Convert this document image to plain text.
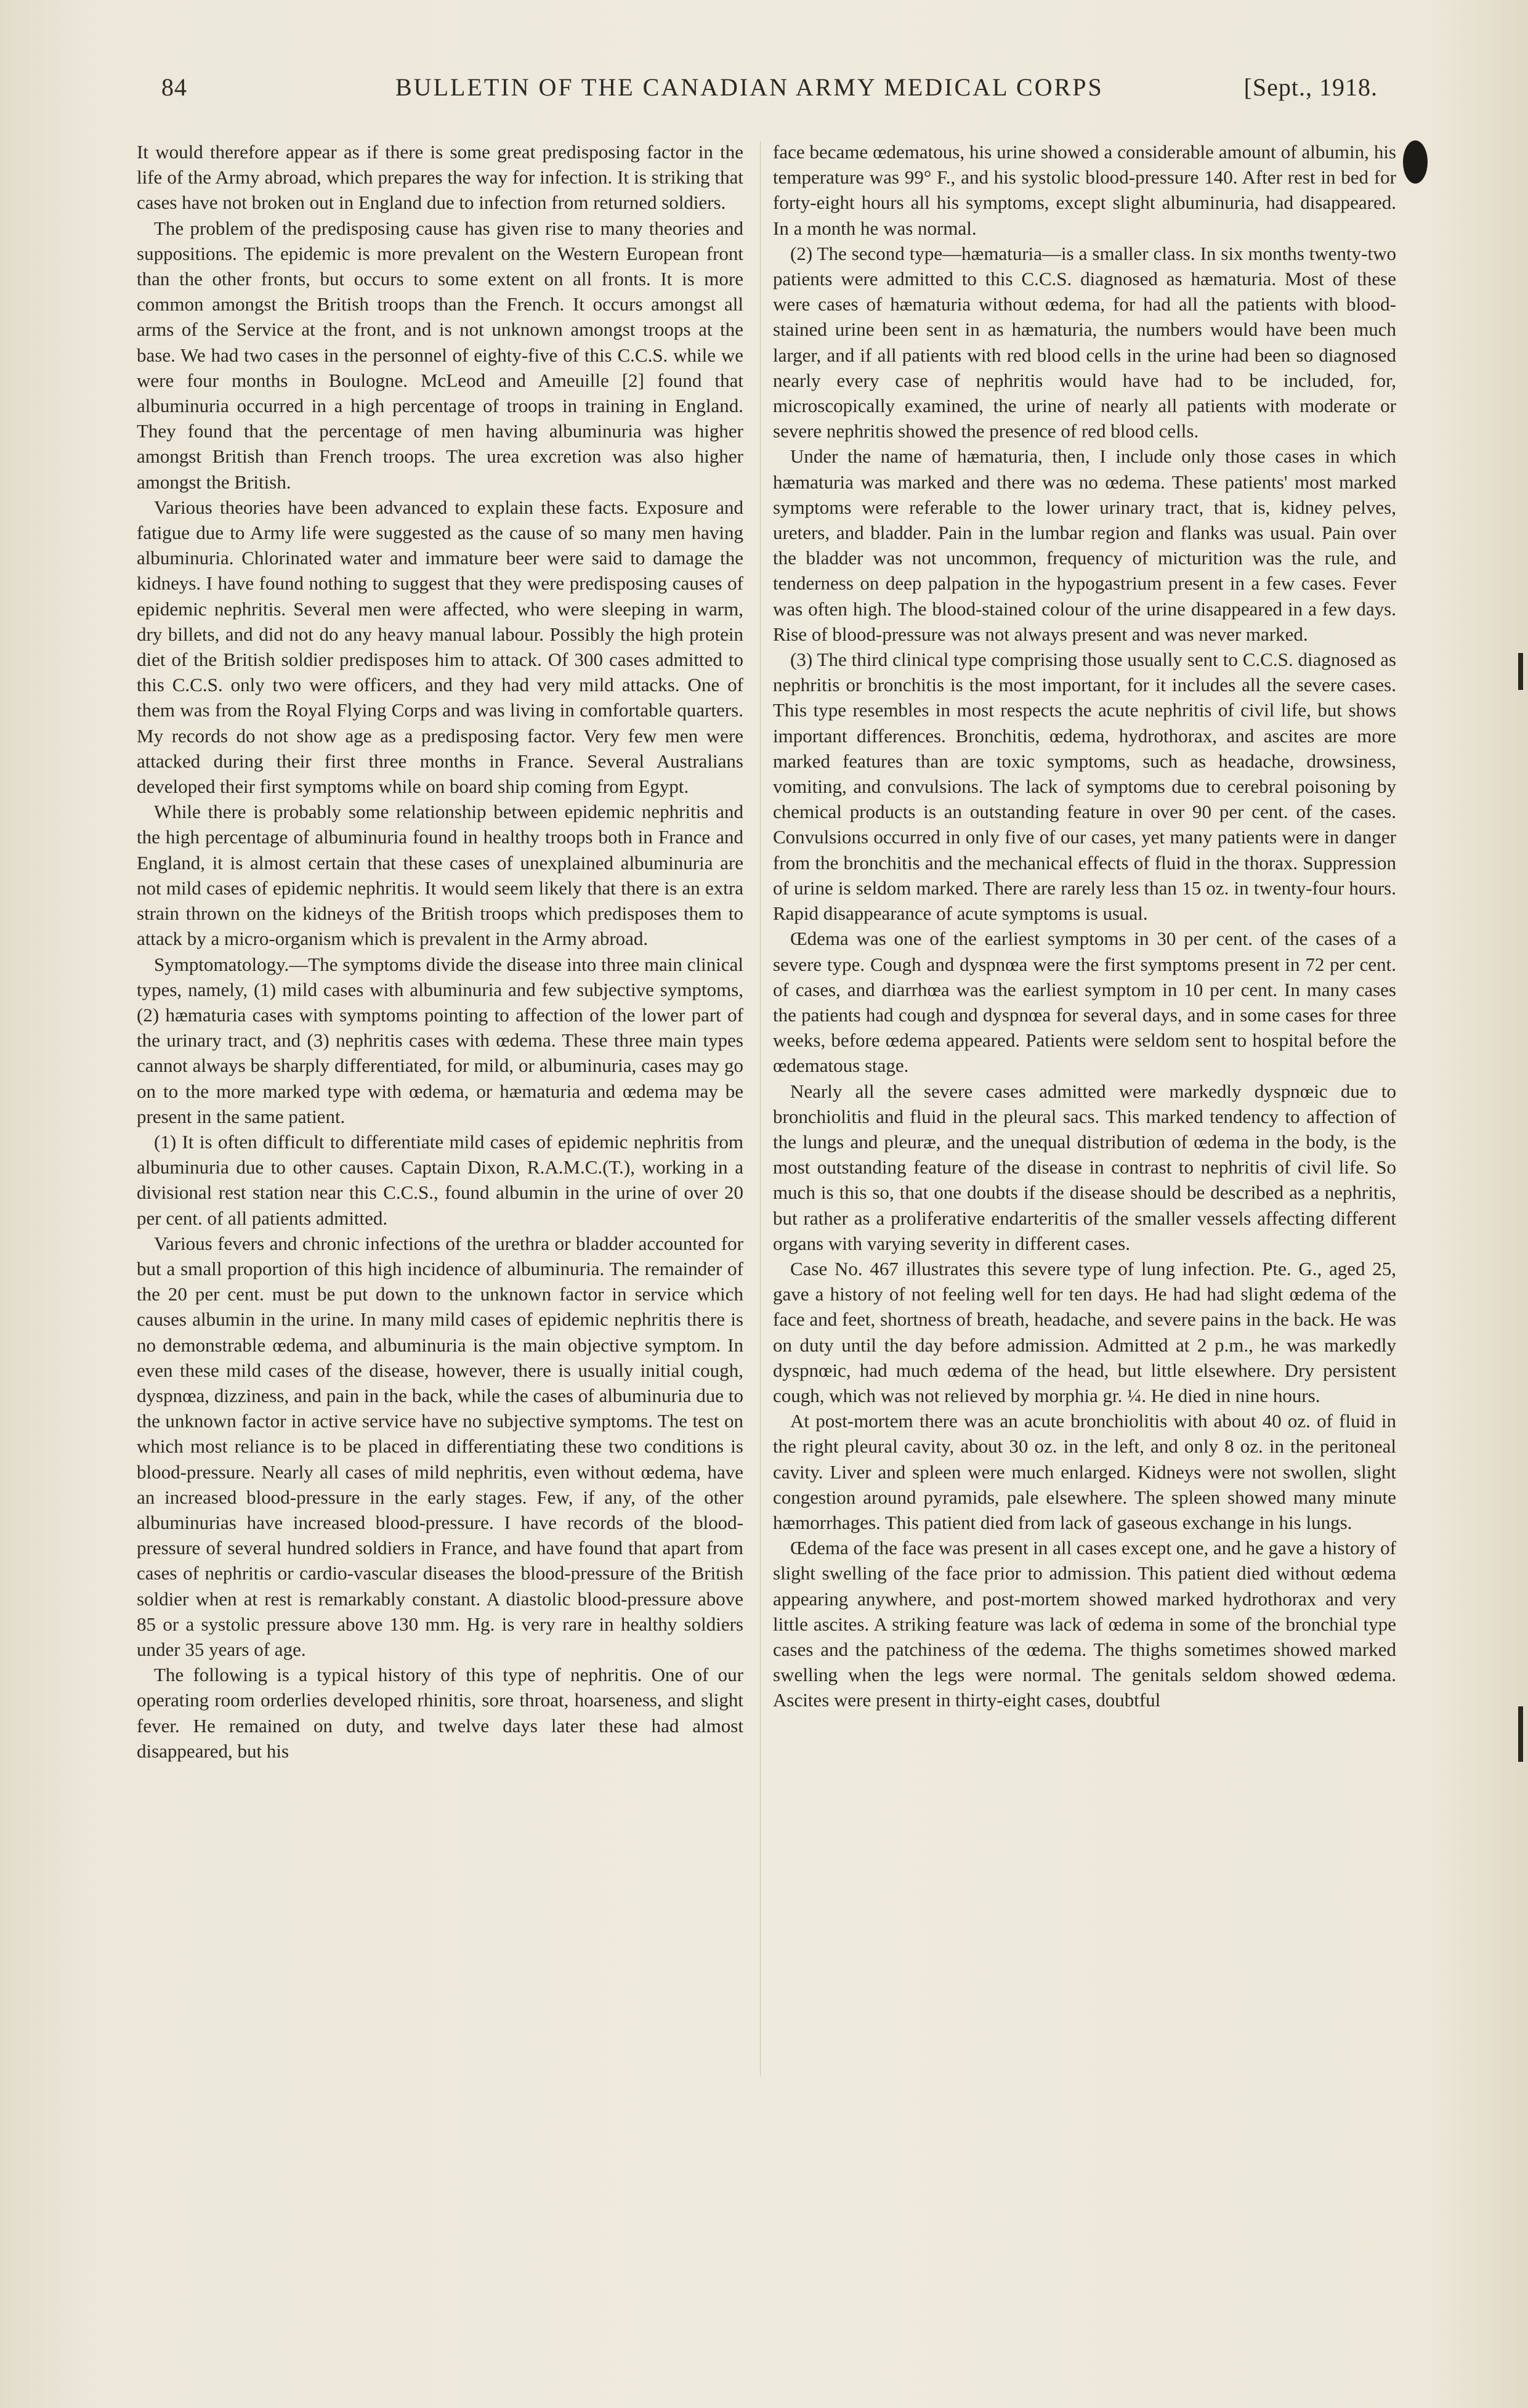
84	BULLETIN OF THE CANADIAN ARMY MEDICAL CORPS	[Sept., 1918.

It would therefore appear as if there is some great predisposing factor in the life of the Army abroad, which prepares the way for infection. It is striking that cases have not broken out in England due to infection from returned soldiers.

The problem of the predisposing cause has given rise to many theories and suppositions. The epidemic is more prevalent on the Western European front than the other fronts, but occurs to some extent on all fronts. It is more common amongst the British troops than the French. It occurs amongst all arms of the Service at the front, and is not unknown amongst troops at the base. We had two cases in the personnel of eighty-five of this C.C.S. while we were four months in Boulogne. McLeod and Ameuille [2] found that albuminuria occurred in a high percentage of troops in training in England. They found that the percentage of men having albuminuria was higher amongst British than French troops. The urea excretion was also higher amongst the British.

Various theories have been advanced to explain these facts. Exposure and fatigue due to Army life were suggested as the cause of so many men having albuminuria. Chlorinated water and immature beer were said to damage the kidneys. I have found nothing to suggest that they were predisposing causes of epidemic nephritis. Several men were affected, who were sleeping in warm, dry billets, and did not do any heavy manual labour. Possibly the high protein diet of the British soldier predisposes him to attack. Of 300 cases admitted to this C.C.S. only two were officers, and they had very mild attacks. One of them was from the Royal Flying Corps and was living in comfortable quarters. My records do not show age as a predisposing factor. Very few men were attacked during their first three months in France. Several Australians developed their first symptoms while on board ship coming from Egypt.

While there is probably some relationship between epidemic nephritis and the high percentage of albuminuria found in healthy troops both in France and England, it is almost certain that these cases of unexplained albuminuria are not mild cases of epidemic nephritis. It would seem likely that there is an extra strain thrown on the kidneys of the British troops which predisposes them to attack by a micro-organism which is prevalent in the Army abroad.

Symptomatology.—The symptoms divide the disease into three main clinical types, namely, (1) mild cases with albuminuria and few subjective symptoms, (2) hæmaturia cases with symptoms pointing to affection of the lower part of the urinary tract, and (3) nephritis cases with œdema. These three main types cannot always be sharply differentiated, for mild, or albuminuria, cases may go on to the more marked type with œdema, or hæmaturia and œdema may be present in the same patient.

(1) It is often difficult to differentiate mild cases of epidemic nephritis from albuminuria due to other causes. Captain Dixon, R.A.M.C.(T.), working in a divisional rest station near this C.C.S., found albumin in the urine of over 20 per cent. of all patients admitted.

Various fevers and chronic infections of the urethra or bladder accounted for but a small proportion of this high incidence of albuminuria. The remainder of the 20 per cent. must be put down to the unknown factor in service which causes albumin in the urine. In many mild cases of epidemic nephritis there is no demonstrable œdema, and albuminuria is the main objective symptom. In even these mild cases of the disease, however, there is usually initial cough, dyspnœa, dizziness, and pain in the back, while the cases of albuminuria due to the unknown factor in active service have no subjective symptoms. The test on which most reliance is to be placed in differentiating these two conditions is blood-pressure. Nearly all cases of mild nephritis, even without œdema, have an increased blood-pressure in the early stages. Few, if any, of the other albuminurias have increased blood-pressure. I have records of the blood-pressure of several hundred soldiers in France, and have found that apart from cases of nephritis or cardio-vascular diseases the blood-pressure of the British soldier when at rest is remarkably constant. A diastolic blood-pressure above 85 or a systolic pressure above 130 mm. Hg. is very rare in healthy soldiers under 35 years of age.

The following is a typical history of this type of nephritis. One of our operating room orderlies developed rhinitis, sore throat, hoarseness, and slight fever. He remained on duty, and twelve days later these had almost disappeared, but his

face became œdematous, his urine showed a considerable amount of albumin, his temperature was 99° F., and his systolic blood-pressure 140. After rest in bed for forty-eight hours all his symptoms, except slight albuminuria, had disappeared. In a month he was normal.

(2) The second type—hæmaturia—is a smaller class. In six months twenty-two patients were admitted to this C.C.S. diagnosed as hæmaturia. Most of these were cases of hæmaturia without œdema, for had all the patients with blood-stained urine been sent in as hæmaturia, the numbers would have been much larger, and if all patients with red blood cells in the urine had been so diagnosed nearly every case of nephritis would have had to be included, for, microscopically examined, the urine of nearly all patients with moderate or severe nephritis showed the presence of red blood cells.

Under the name of hæmaturia, then, I include only those cases in which hæmaturia was marked and there was no œdema. These patients' most marked symptoms were referable to the lower urinary tract, that is, kidney pelves, ureters, and bladder. Pain in the lumbar region and flanks was usual. Pain over the bladder was not uncommon, frequency of micturition was the rule, and tenderness on deep palpation in the hypogastrium present in a few cases. Fever was often high. The blood-stained colour of the urine disappeared in a few days. Rise of blood-pressure was not always present and was never marked.

(3) The third clinical type comprising those usually sent to C.C.S. diagnosed as nephritis or bronchitis is the most important, for it includes all the severe cases. This type resembles in most respects the acute nephritis of civil life, but shows important differences. Bronchitis, œdema, hydrothorax, and ascites are more marked features than are toxic symptoms, such as headache, drowsiness, vomiting, and convulsions. The lack of symptoms due to cerebral poisoning by chemical products is an outstanding feature in over 90 per cent. of the cases. Convulsions occurred in only five of our cases, yet many patients were in danger from the bronchitis and the mechanical effects of fluid in the thorax. Suppression of urine is seldom marked. There are rarely less than 15 oz. in twenty-four hours. Rapid disappearance of acute symptoms is usual.

Œdema was one of the earliest symptoms in 30 per cent. of the cases of a severe type. Cough and dyspnœa were the first symptoms present in 72 per cent. of cases, and diarrhœa was the earliest symptom in 10 per cent. In many cases the patients had cough and dyspnœa for several days, and in some cases for three weeks, before œdema appeared. Patients were seldom sent to hospital before the œdematous stage.

Nearly all the severe cases admitted were markedly dyspnœic due to bronchiolitis and fluid in the pleural sacs. This marked tendency to affection of the lungs and pleuræ, and the unequal distribution of œdema in the body, is the most outstanding feature of the disease in contrast to nephritis of civil life. So much is this so, that one doubts if the disease should be described as a nephritis, but rather as a proliferative endarteritis of the smaller vessels affecting different organs with varying severity in different cases.

Case No. 467 illustrates this severe type of lung infection. Pte. G., aged 25, gave a history of not feeling well for ten days. He had had slight œdema of the face and feet, shortness of breath, headache, and severe pains in the back. He was on duty until the day before admission. Admitted at 2 p.m., he was markedly dyspnœic, had much œdema of the head, but little elsewhere. Dry persistent cough, which was not relieved by morphia gr. ¼. He died in nine hours.

At post-mortem there was an acute bronchiolitis with about 40 oz. of fluid in the right pleural cavity, about 30 oz. in the left, and only 8 oz. in the peritoneal cavity. Liver and spleen were much enlarged. Kidneys were not swollen, slight congestion around pyramids, pale elsewhere. The spleen showed many minute hæmorrhages. This patient died from lack of gaseous exchange in his lungs.

Œdema of the face was present in all cases except one, and he gave a history of slight swelling of the face prior to admission. This patient died without œdema appearing anywhere, and post-mortem showed marked hydrothorax and very little ascites. A striking feature was lack of œdema in some of the bronchial type cases and the patchiness of the œdema. The thighs sometimes showed marked swelling when the legs were normal. The genitals seldom showed œdema. Ascites were present in thirty-eight cases, doubtful
